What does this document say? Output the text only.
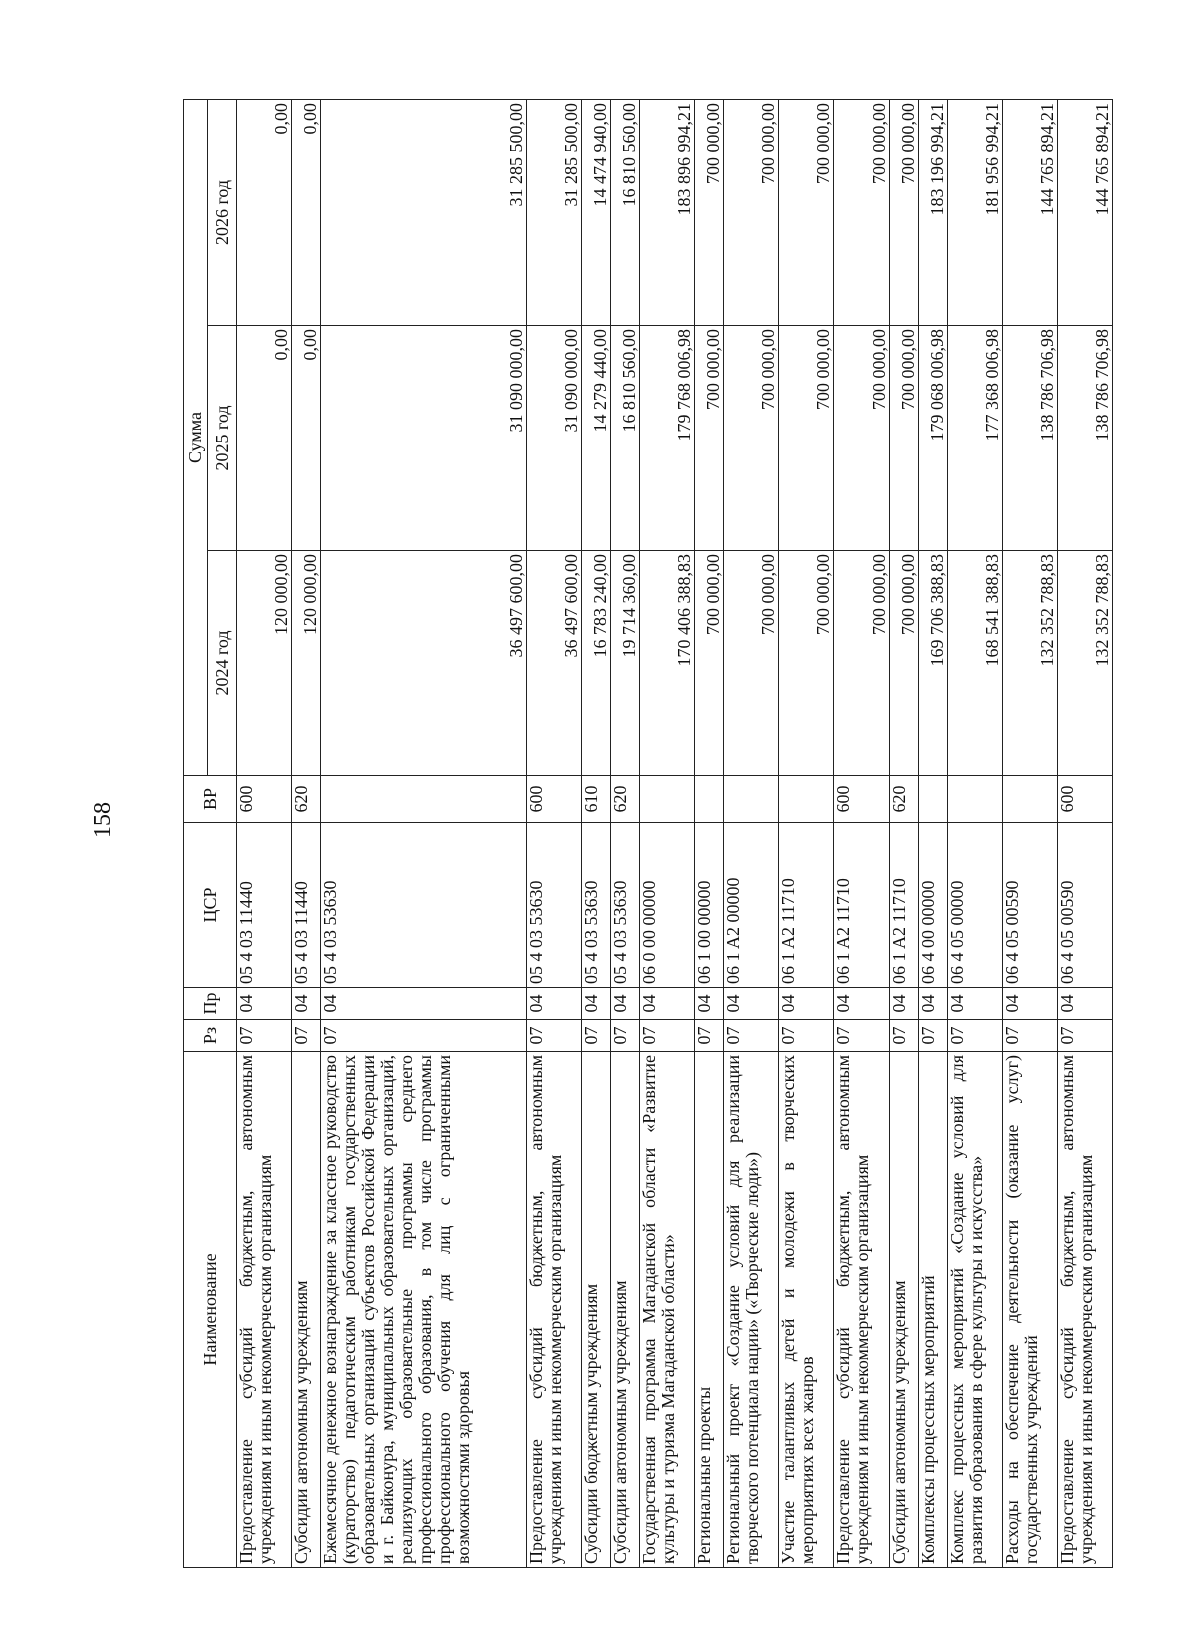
158
Наименование	Рз	Пр	ЦСР	ВР	Сумма		
					2024 год	2025 год	2026 год
Предоставление субсидий бюджетным, автономным учреждениям и иным некоммерческим организациям	07	04	05 4 03 11440	600	120 000,00	0,00	0,00
Субсидии автономным учреждениям	07	04	05 4 03 11440	620	120 000,00	0,00	0,00
Ежемесячное денежное вознаграждение за классное руководство (кураторство) педагогическим работникам государственных образовательных организаций субъектов Российской Федерации и г. Байконура, муниципальных образовательных организаций, реализующих образовательные программы среднего профессионального образования, в том числе программы профессионального обучения для лиц с ограниченными возможностями здоровья	07	04	05 4 03 53630		36 497 600,00	31 090 000,00	31 285 500,00
Предоставление субсидий бюджетным, автономным учреждениям и иным некоммерческим организациям	07	04	05 4 03 53630	600	36 497 600,00	31 090 000,00	31 285 500,00
Субсидии бюджетным учреждениям	07	04	05 4 03 53630	610	16 783 240,00	14 279 440,00	14 474 940,00
Субсидии автономным учреждениям	07	04	05 4 03 53630	620	19 714 360,00	16 810 560,00	16 810 560,00
Государственная программа Магаданской области «Развитие культуры и туризма Магаданской области»	07	04	06 0 00 00000		170 406 388,83	179 768 006,98	183 896 994,21
Региональные проекты	07	04	06 1 00 00000		700 000,00	700 000,00	700 000,00
Региональный проект «Создание условий для реализации творческого потенциала нации» («Творческие люди»)	07	04	06 1 A2 00000		700 000,00	700 000,00	700 000,00
Участие талантливых детей и молодежи в творческих мероприятиях всех жанров	07	04	06 1 A2 11710		700 000,00	700 000,00	700 000,00
Предоставление субсидий бюджетным, автономным учреждениям и иным некоммерческим организациям	07	04	06 1 A2 11710	600	700 000,00	700 000,00	700 000,00
Субсидии автономным учреждениям	07	04	06 1 A2 11710	620	700 000,00	700 000,00	700 000,00
Комплексы процессных мероприятий	07	04	06 4 00 00000		169 706 388,83	179 068 006,98	183 196 994,21
Комплекс процессных мероприятий «Создание условий для развития образования в сфере культуры и искусства»	07	04	06 4 05 00000		168 541 388,83	177 368 006,98	181 956 994,21
Расходы на обеспечение деятельности (оказание услуг) государственных учреждений	07	04	06 4 05 00590		132 352 788,83	138 786 706,98	144 765 894,21
Предоставление субсидий бюджетным, автономным учреждениям и иным некоммерческим организациям	07	04	06 4 05 00590	600	132 352 788,83	138 786 706,98	144 765 894,21
